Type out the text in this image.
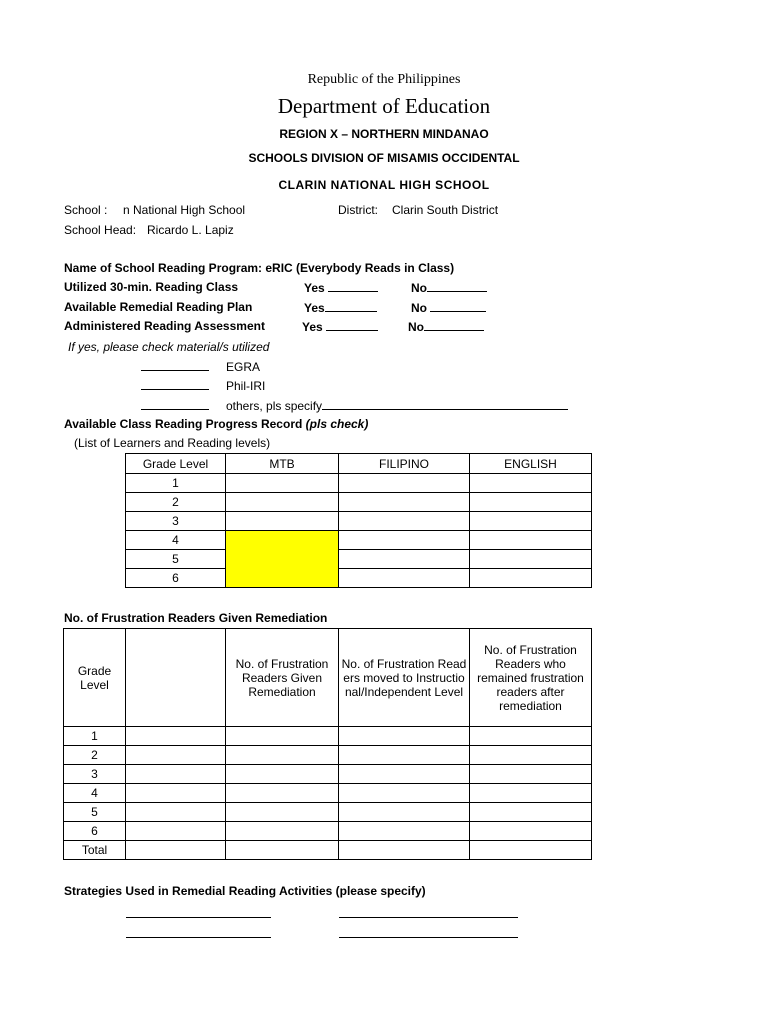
Republic of the Philippines
Department of Education
REGION X – NORTHERN MINDANAO
SCHOOLS DIVISION OF MISAMIS OCCIDENTAL
CLARIN NATIONAL HIGH SCHOOL
School : n National High School	District: Clarin South District
School Head: Ricardo L. Lapiz
Name of School Reading Program: eRIC (Everybody Reads in Class)
Utilized 30-min. Reading Class	Yes	No
Available Remedial Reading Plan	Yes	No
Administered Reading Assessment	Yes	No
If yes, please check material/s utilized
EGRA
Phil-IRI
others, pls specify
Available Class Reading Progress Record (pls check)
(List of Learners and Reading levels)
Grade Level	MTB	FILIPINO	ENGLISH
1			
2			
3			
4			
5			
6			
No. of Frustration Readers Given Remediation
Grade Level		No. of Frustration Readers Given Remediation	No. of Frustration Readers moved to Instructional/Independent Level	No. of Frustration Readers who remained frustration readers after remediation
1				
2				
3				
4				
5				
6				
Total				
Strategies Used in Remedial Reading Activities (please specify)
